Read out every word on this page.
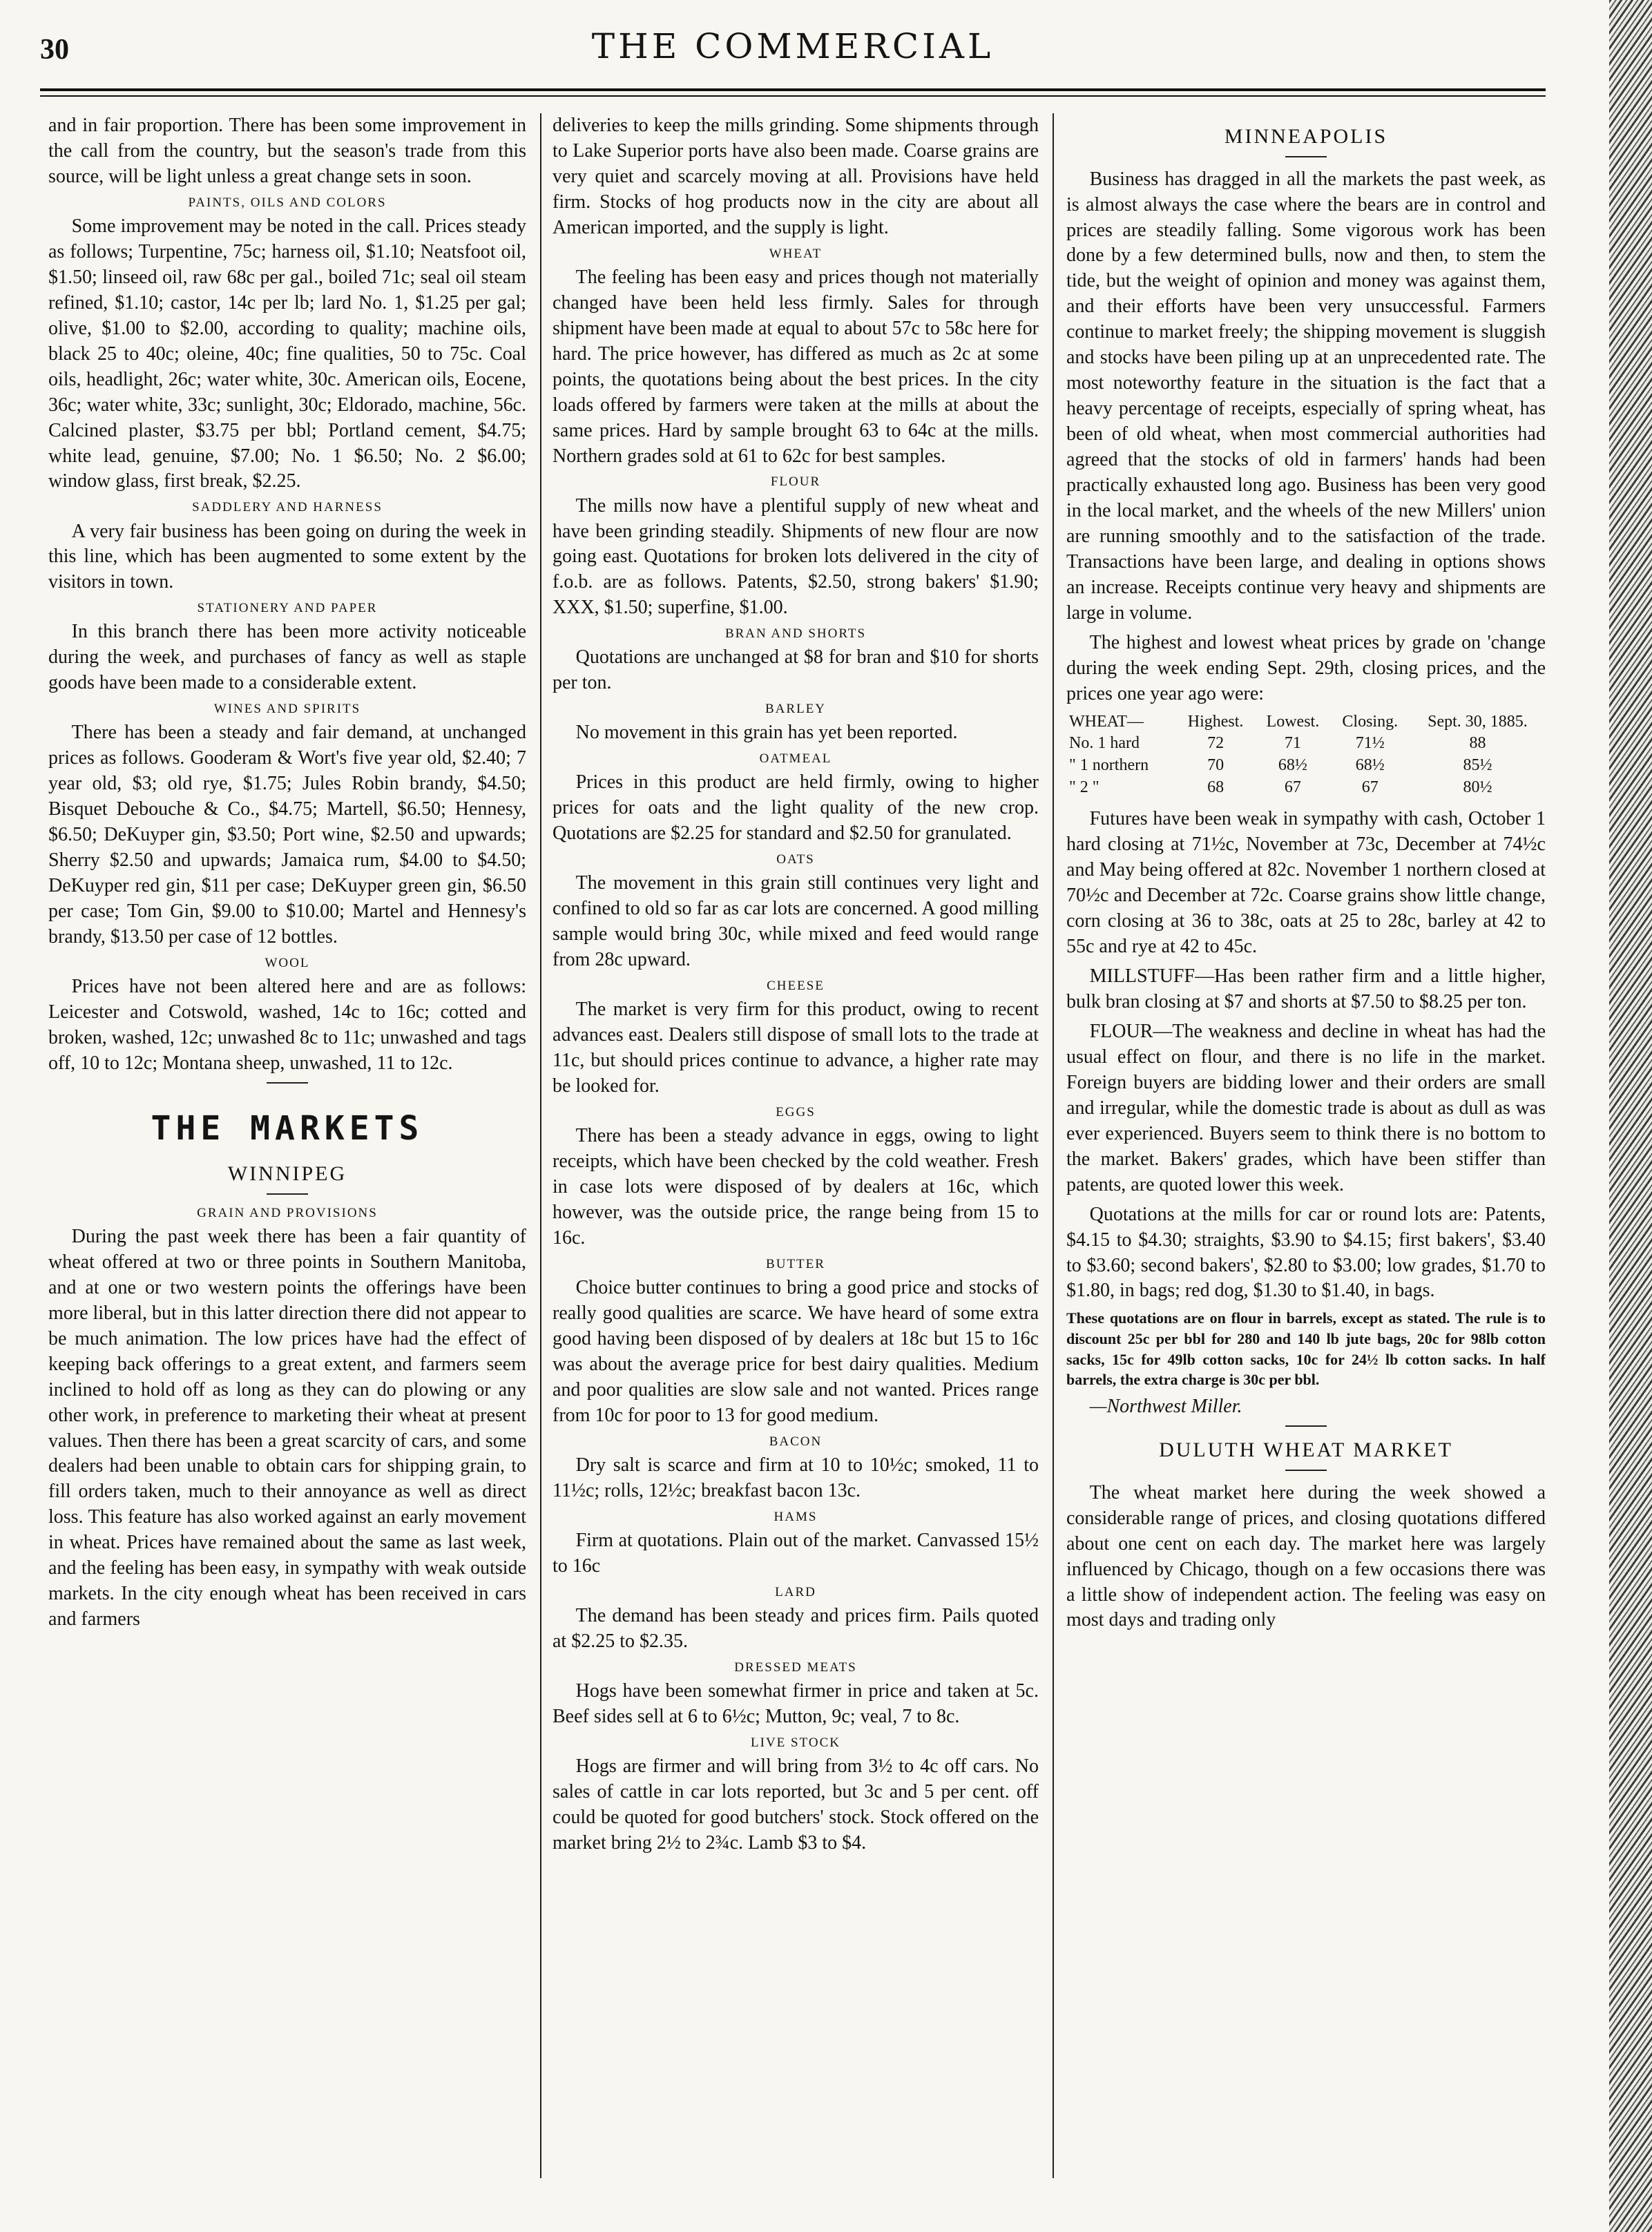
30	THE COMMERCIAL

and in fair proportion. There has been some improvement in the call from the country, but the season's trade from this source, will be light unless a great change sets in soon.

PAINTS, OILS AND COLORS

Some improvement may be noted in the call. Prices steady as follows; Turpentine, 75c; harness oil, $1.10; Neatsfoot oil, $1.50; linseed oil, raw 68c per gal., boiled 71c; seal oil steam refined, $1.10; castor, 14c per lb; lard No. 1, $1.25 per gal; olive, $1.00 to $2.00, according to quality; machine oils, black 25 to 40c; oleine, 40c; fine qualities, 50 to 75c. Coal oils, headlight, 26c; water white, 30c. American oils, Eocene, 36c; water white, 33c; sunlight, 30c; Eldorado, machine, 56c. Calcined plaster, $3.75 per bbl; Portland cement, $4.75; white lead, genuine, $7.00; No. 1 $6.50; No. 2 $6.00; window glass, first break, $2.25.

SADDLERY AND HARNESS

A very fair business has been going on during the week in this line, which has been augmented to some extent by the visitors in town.

STATIONERY AND PAPER

In this branch there has been more activity noticeable during the week, and purchases of fancy as well as staple goods have been made to a considerable extent.

WINES AND SPIRITS

There has been a steady and fair demand, at unchanged prices as follows. Gooderam & Wort's five year old, $2.40; 7 year old, $3; old rye, $1.75; Jules Robin brandy, $4.50; Bisquet Debouche & Co., $4.75; Martell, $6.50; Hennesy, $6.50; DeKuyper gin, $3.50; Port wine, $2.50 and upwards; Sherry $2.50 and upwards; Jamaica rum, $4.00 to $4.50; DeKuyper red gin, $11 per case; DeKuyper green gin, $6.50 per case; Tom Gin, $9.00 to $10.00; Martel and Hennesy's brandy, $13.50 per case of 12 bottles.

WOOL

Prices have not been altered here and are as follows: Leicester and Cotswold, washed, 14c to 16c; cotted and broken, washed, 12c; unwashed 8c to 11c; unwashed and tags off, 10 to 12c; Montana sheep, unwashed, 11 to 12c.

THE MARKETS
WINNIPEG
GRAIN AND PROVISIONS

During the past week there has been a fair quantity of wheat offered at two or three points in Southern Manitoba, and at one or two western points the offerings have been more liberal, but in this latter direction there did not appear to be much animation. The low prices have had the effect of keeping back offerings to a great extent, and farmers seem inclined to hold off as long as they can do plowing or any other work, in preference to marketing their wheat at present values. Then there has been a great scarcity of cars, and some dealers had been unable to obtain cars for shipping grain, to fill orders taken, much to their annoyance as well as direct loss. This feature has also worked against an early movement in wheat. Prices have remained about the same as last week, and the feeling has been easy, in sympathy with weak outside markets. In the city enough wheat has been received in cars and farmers

deliveries to keep the mills grinding. Some shipments through to Lake Superior ports have also been made. Coarse grains are very quiet and scarcely moving at all. Provisions have held firm. Stocks of hog products now in the city are about all American imported, and the supply is light.

WHEAT

The feeling has been easy and prices though not materially changed have been held less firmly. Sales for through shipment have been made at equal to about 57c to 58c here for hard. The price however, has differed as much as 2c at some points, the quotations being about the best prices. In the city loads offered by farmers were taken at the mills at about the same prices. Hard by sample brought 63 to 64c at the mills. Northern grades sold at 61 to 62c for best samples.

FLOUR

The mills now have a plentiful supply of new wheat and have been grinding steadily. Shipments of new flour are now going east. Quotations for broken lots delivered in the city of f.o.b. are as follows. Patents, $2.50, strong bakers' $1.90; XXX, $1.50; superfine, $1.00.

BRAN AND SHORTS

Quotations are unchanged at $8 for bran and $10 for shorts per ton.

BARLEY

No movement in this grain has yet been reported.

OATMEAL

Prices in this product are held firmly, owing to higher prices for oats and the light quality of the new crop. Quotations are $2.25 for standard and $2.50 for granulated.

OATS

The movement in this grain still continues very light and confined to old so far as car lots are concerned. A good milling sample would bring 30c, while mixed and feed would range from 28c upward.

CHEESE

The market is very firm for this product, owing to recent advances east. Dealers still dispose of small lots to the trade at 11c, but should prices continue to advance, a higher rate may be looked for.

EGGS

There has been a steady advance in eggs, owing to light receipts, which have been checked by the cold weather. Fresh in case lots were disposed of by dealers at 16c, which however, was the outside price, the range being from 15 to 16c.

BUTTER

Choice butter continues to bring a good price and stocks of really good qualities are scarce. We have heard of some extra good having been disposed of by dealers at 18c but 15 to 16c was about the average price for best dairy qualities. Medium and poor qualities are slow sale and not wanted. Prices range from 10c for poor to 13 for good medium.

BACON

Dry salt is scarce and firm at 10 to 10½c; smoked, 11 to 11½c; rolls, 12½c; breakfast bacon 13c.

HAMS

Firm at quotations. Plain out of the market. Canvassed 15½ to 16c

LARD

The demand has been steady and prices firm. Pails quoted at $2.25 to $2.35.

DRESSED MEATS

Hogs have been somewhat firmer in price and taken at 5c. Beef sides sell at 6 to 6½c; Mutton, 9c; veal, 7 to 8c.

LIVE STOCK

Hogs are firmer and will bring from 3½ to 4c off cars. No sales of cattle in car lots reported, but 3c and 5 per cent. off could be quoted for good butchers' stock. Stock offered on the market bring 2½ to 2¾c. Lamb $3 to $4.

MINNEAPOLIS

Business has dragged in all the markets the past week, as is almost always the case where the bears are in control and prices are steadily falling. Some vigorous work has been done by a few determined bulls, now and then, to stem the tide, but the weight of opinion and money was against them, and their efforts have been very unsuccessful. Farmers continue to market freely; the shipping movement is sluggish and stocks have been piling up at an unprecedented rate. The most noteworthy feature in the situation is the fact that a heavy percentage of receipts, especially of spring wheat, has been of old wheat, when most commercial authorities had agreed that the stocks of old in farmers' hands had been practically exhausted long ago. Business has been very good in the local market, and the wheels of the new Millers' union are running smoothly and to the satisfaction of the trade. Transactions have been large, and dealing in options shows an increase. Receipts continue very heavy and shipments are large in volume.

The highest and lowest wheat prices by grade on 'change during the week ending Sept. 29th, closing prices, and the prices one year ago were:

WHEAT—	Highest.	Lowest.	Closing.	Sept. 30, 1885.
No. 1 hard	72	71	71½	88
" 1 northern	70	68½	68½	85½
" 2 "	68	67	67	80½

Futures have been weak in sympathy with cash, October 1 hard closing at 71½c, November at 73c, December at 74½c and May being offered at 82c. November 1 northern closed at 70½c and December at 72c. Coarse grains show little change, corn closing at 36 to 38c, oats at 25 to 28c, barley at 42 to 55c and rye at 42 to 45c.

MILLSTUFF—Has been rather firm and a little higher, bulk bran closing at $7 and shorts at $7.50 to $8.25 per ton.

FLOUR—The weakness and decline in wheat has had the usual effect on flour, and there is no life in the market. Foreign buyers are bidding lower and their orders are small and irregular, while the domestic trade is about as dull as was ever experienced. Buyers seem to think there is no bottom to the market. Bakers' grades, which have been stiffer than patents, are quoted lower this week.

Quotations at the mills for car or round lots are: Patents, $4.15 to $4.30; straights, $3.90 to $4.15; first bakers', $3.40 to $3.60; second bakers', $2.80 to $3.00; low grades, $1.70 to $1.80, in bags; red dog, $1.30 to $1.40, in bags.

These quotations are on flour in barrels, except as stated. The rule is to discount 25c per bbl for 280 and 140 lb jute bags, 20c for 98lb cotton sacks, 15c for 49lb cotton sacks, 10c for 24½ lb cotton sacks. In half barrels, the extra charge is 30c per bbl.

—Northwest Miller.

DULUTH WHEAT MARKET

The wheat market here during the week showed a considerable range of prices, and closing quotations differed about one cent on each day. The market here was largely influenced by Chicago, though on a few occasions there was a little show of independent action. The feeling was easy on most days and trading only
